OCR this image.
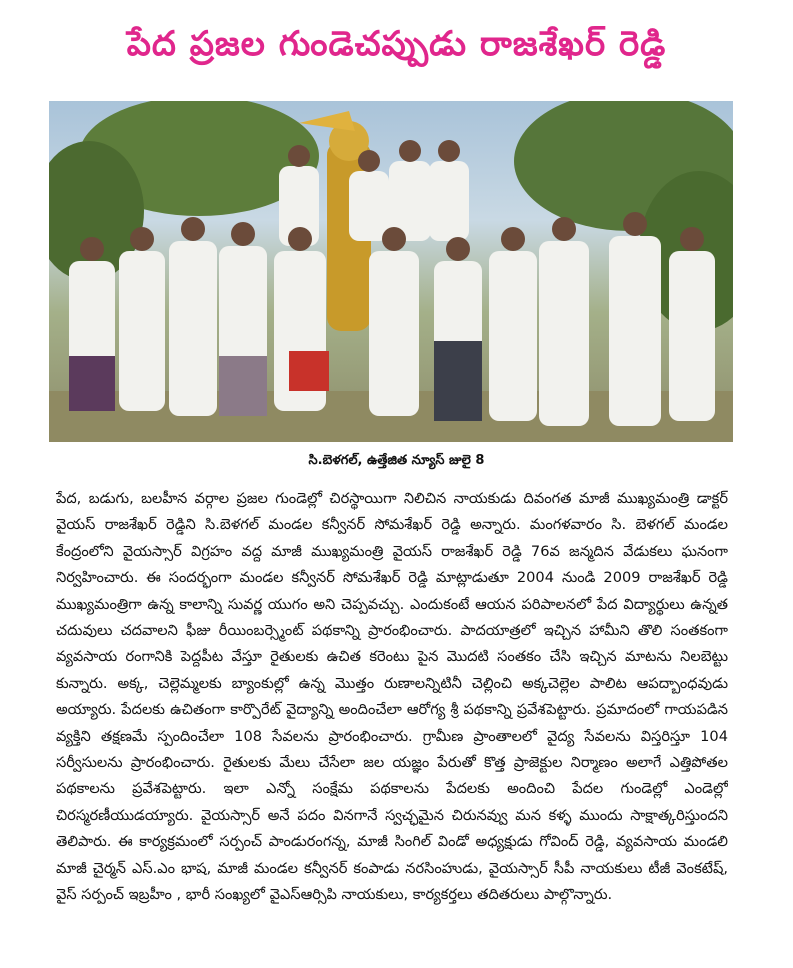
పేద ప్రజల గుండెచప్పుడు రాజశేఖర్ రెడ్డి
సి.బెళగల్, ఉత్తేజిత న్యూస్ జులై 8

పేద, బడుగు, బలహీన వర్గాల ప్రజల గుండెల్లో చిరస్థాయిగా నిలిచిన నాయకుడు దివంగత మాజీ ముఖ్యమంత్రి డాక్టర్ వైయస్ రాజశేఖర్ రెడ్డిని సి.బెళగల్ మండల కన్వీనర్ సోమశేఖర్ రెడ్డి అన్నారు. మంగళవారం సి. బెళగల్ మండల కేంద్రంలోని వైయస్సార్ విగ్రహం వద్ద మాజీ ముఖ్యమంత్రి వైయస్ రాజశేఖర్ రెడ్డి 76వ జన్మదిన వేడుకలు ఘనంగా నిర్వహించారు. ఈ సందర్భంగా మండల కన్వీనర్ సోమశేఖర్ రెడ్డి మాట్లాడుతూ 2004 నుండి 2009 రాజశేఖర్ రెడ్డి ముఖ్యమంత్రిగా ఉన్న కాలాన్ని సువర్ణ యుగం అని చెప్పవచ్చు. ఎందుకంటే ఆయన పరిపాలనలో పేద విద్యార్థులు ఉన్నత చదువులు చదవాలని ఫీజు రీయింబర్స్మెంట్ పథకాన్ని ప్రారంభించారు. పాదయాత్రలో ఇచ్చిన హామీని తొలి సంతకంగా వ్యవసాయ రంగానికి పెద్దపీట వేస్తూ రైతులకు ఉచిత కరెంటు పైన మొదటి సంతకం చేసి ఇచ్చిన మాటను నిలబెట్టు కున్నారు. అక్క, చెల్లెమ్మలకు బ్యాంకుల్లో ఉన్న మొత్తం రుణాలన్నిటినీ చెల్లించి అక్కచెల్లెల పాలిట ఆపద్బాంధవుడు అయ్యారు. పేదలకు ఉచితంగా కార్పొరేట్ వైద్యాన్ని అందించేలా ఆరోగ్య శ్రీ పథకాన్ని ప్రవేశపెట్టారు. ప్రమాదంలో గాయపడిన వ్యక్తిని తక్షణమే స్పందించేలా 108 సేవలను ప్రారంభించారు. గ్రామీణ ప్రాంతాలలో వైద్య సేవలను విస్తరిస్తూ 104 సర్వీసులను ప్రారంభించారు. రైతులకు మేలు చేసేలా జల యజ్ఞం పేరుతో కొత్త ప్రాజెక్టుల నిర్మాణం అలాగే ఎత్తిపోతల పథకాలను ప్రవేశపెట్టారు. ఇలా ఎన్నో సంక్షేమ పథకాలను పేదలకు అందించి పేదల గుండెల్లో ఎండెల్లో చిరస్మరణీయుడయ్యారు. వైయస్సార్ అనే పదం వినగానే స్వచ్ఛమైన చిరునవ్వు మన కళ్ళ ముందు సాక్షాత్కరిస్తుందని తెలిపారు. ఈ కార్యక్రమంలో సర్పంచ్ పాండురంగన్న, మాజీ సింగిల్ విండో అధ్యక్షుడు గోవింద్ రెడ్డి, వ్యవసాయ మండలి మాజీ చైర్మన్ ఎస్.ఎం భాష, మాజీ మండల కన్వీనర్ కంపాడు నరసింహుడు, వైయస్సార్ సీపీ నాయకులు టీజీ వెంకటేష్, వైస్ సర్పంచ్ ఇబ్రహీం , భారీ సంఖ్యలో వైఎస్ఆర్సిపి నాయకులు, కార్యకర్తలు తదితరులు పాల్గొన్నారు.
